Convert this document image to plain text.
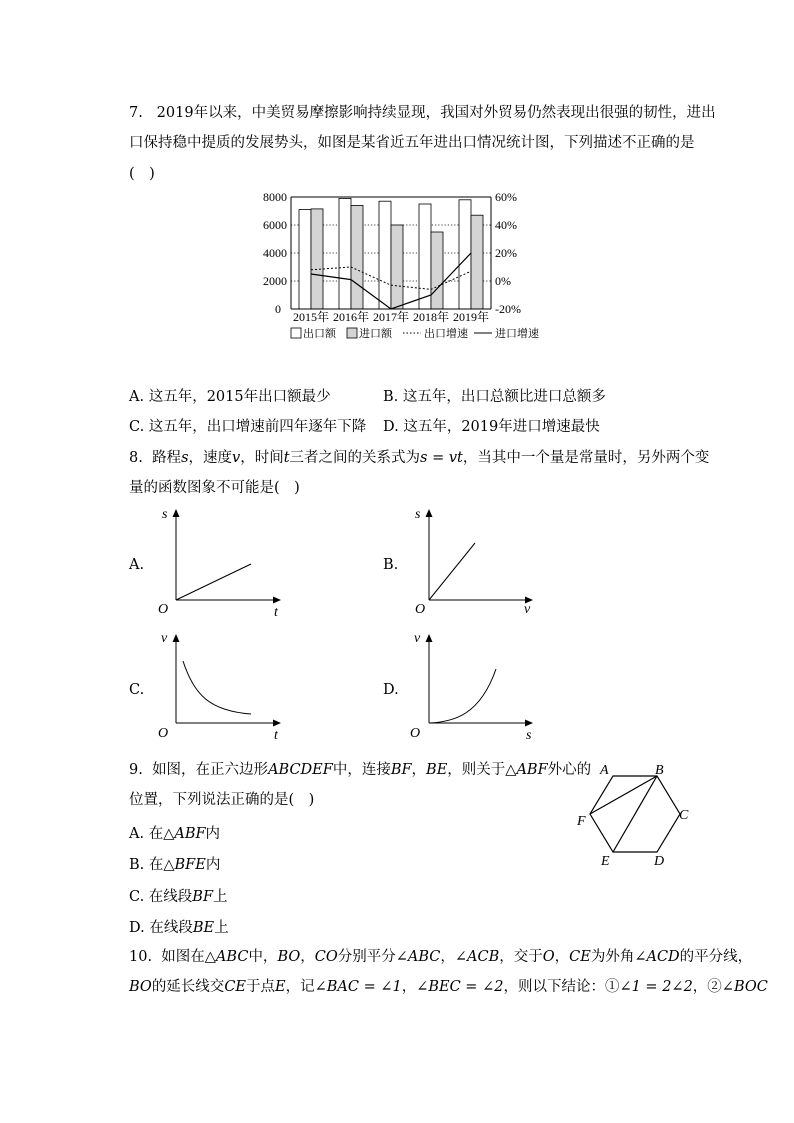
7. 2019年以来，中美贸易摩擦影响持续显现，我国对外贸易仍然表现出很强的韧性，进出
口保持稳中提质的发展势头，如图是某省近五年进出口情况统计图，下列描述不正确的是
(　)
0
2000
4000
6000
8000
-20%
0%
20%
40%
60%
2015年 2016年 2017年 2018年 2019年
出口额 进口额	出口增速 进口增速
A. 这五年，2015年出口额最少	B. 这五年，出口总额比进口总额多
C. 这五年，出口增速前四年逐年下降 D. 这五年，2019年进口增速最快
8. 路程s，速度v，时间t三者之间的关系式为s = vt，当其中一个量是常量时，另外两个变
量的函数图象不可能是(　)
A.
O
s
t
B.
O
s
v
C.
O
v
t
D.
O
v
s
9. 如图，在正六边形ABCDEF中，连接BF，BE，则关于△ABF外心的
位置，下列说法正确的是(　)
A. 在△ABF内
B. 在△BFE内
C. 在线段BF上
D. 在线段BE上
A	B
C
D
E
F
10. 如图在△ABC中，BO，CO分别平分∠ABC，∠ACB，交于O，CE为外角∠ACD的平分线，
BO的延长线交CE于点E，记∠BAC = ∠1，∠BEC = ∠2，则以下结论：①∠1 = 2∠2，②∠BOC
